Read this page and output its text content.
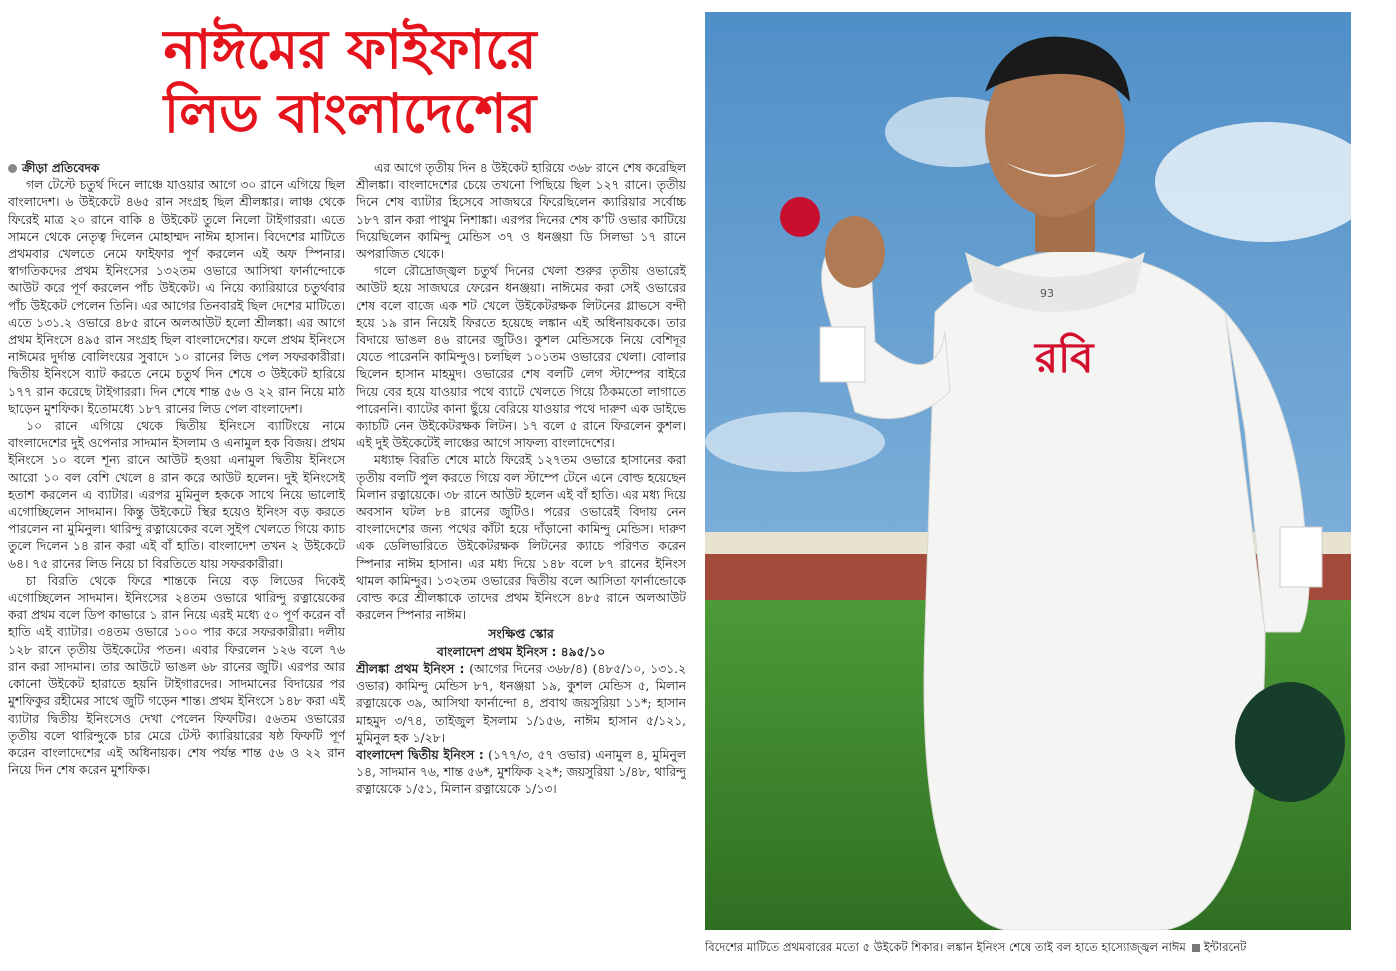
নাঈমের ফাইফারে
লিড বাংলাদেশের
ক্রীড়া প্রতিবেদক
গল টেস্টে চতুর্থ দিনে লাঞ্চে যাওয়ার আগে ৩০ রানে এগিয়ে ছিল বাংলাদেশ। ৬ উইকেটে ৪৬৫ রান সংগ্রহ ছিল শ্রীলঙ্কার। লাঞ্চ থেকে ফিরেই মাত্র ২০ রানে বাকি ৪ উইকেট তুলে নিলো টাইগাররা। এতে সামনে থেকে নেতৃত্ব দিলেন মোহাম্মদ নাঈম হাসান। বিদেশের মাটিতে প্রথমবার খেলতে নেমে ফাইফার পূর্ণ করলেন এই অফ স্পিনার। স্বাগতিকদের প্রথম ইনিংসের ১৩২তম ওভারে আসিথা ফার্নান্দোকে আউট করে পূর্ণ করলেন পাঁচ উইকেট। এ নিয়ে ক্যারিয়ারে চতুর্থবার পাঁচ উইকেট পেলেন তিনি। এর আগের তিনবারই ছিল দেশের মাটিতে। এতে ১৩১.২ ওভারে ৪৮৫ রানে অলআউট হলো শ্রীলঙ্কা। এর আগে প্রথম ইনিংসে ৪৯৫ রান সংগ্রহ ছিল বাংলাদেশের। ফলে প্রথম ইনিংসে নাঈমের দুর্দান্ত বোলিংয়ের সুবাদে ১০ রানের লিড পেল সফরকারীরা। দ্বিতীয় ইনিংসে ব্যাট করতে নেমে চতুর্থ দিন শেষে ৩ উইকেট হারিয়ে ১৭৭ রান করেছে টাইগাররা। দিন শেষে শান্ত ৫৬ ও ২২ রান নিয়ে মাঠ ছাড়েন মুশফিক। ইতোমধ্যে ১৮৭ রানের লিড পেল বাংলাদেশ।
১০ রানে এগিয়ে থেকে দ্বিতীয় ইনিংসে ব্যাটিংয়ে নামে বাংলাদেশের দুই ওপেনার সাদমান ইসলাম ও এনামুল হক বিজয়। প্রথম ইনিংসে ১০ বলে শূন্য রানে আউট হওয়া এনামুল দ্বিতীয় ইনিংসে আরো ১০ বল বেশি খেলে ৪ রান করে আউট হলেন। দুই ইনিংসেই হতাশ করলেন এ ব্যাটার। এরপর মুমিনুল হককে সাথে নিয়ে ভালোই এগোচ্ছিলেন সাদমান। কিন্তু উইকেটে স্থির হয়েও ইনিংস বড় করতে পারলেন না মুমিনুল। থারিন্দু রত্নায়েকের বলে সুইপ খেলতে গিয়ে ক্যাচ তুলে দিলেন ১৪ রান করা এই বাঁ হাতি। বাংলাদেশ তখন ২ উইকেটে ৬৪। ৭৫ রানের লিড নিয়ে চা বিরতিতে যায় সফরকারীরা।
চা বিরতি থেকে ফিরে শান্তকে নিয়ে বড় লিডের দিকেই এগোচ্ছিলেন সাদমান। ইনিংসের ২৪তম ওভারে থারিন্দু রত্নায়েকের করা প্রথম বলে ডিপ কাভারে ১ রান নিয়ে এরই মধ্যে ৫০ পূর্ণ করেন বাঁ হাতি এই ব্যাটার। ৩৪তম ওভারে ১০০ পার করে সফরকারীরা। দলীয় ১২৮ রানে তৃতীয় উইকেটের পতন। এবার ফিরলেন ১২৬ বলে ৭৬ রান করা সাদমান। তার আউটে ভাঙল ৬৮ রানের জুটি। এরপর আর কোনো উইকেট হারাতে হয়নি টাইগারদের। সাদমানের বিদায়ের পর মুশফিকুর রহীমের সাথে জুটি গড়েন শান্ত। প্রথম ইনিংসে ১৪৮ করা এই ব্যাটার দ্বিতীয় ইনিংসেও দেখা পেলেন ফিফটির। ৫৬তম ওভারের তৃতীয় বলে থারিন্দুকে চার মেরে টেস্ট ক্যারিয়ারের ষষ্ঠ ফিফটি পূর্ণ করেন বাংলাদেশের এই অধিনায়ক। শেষ পর্যন্ত শান্ত ৫৬ ও ২২ রান নিয়ে দিন শেষ করেন মুশফিক।
এর আগে তৃতীয় দিন ৪ উইকেট হারিয়ে ৩৬৮ রানে শেষ করেছিল শ্রীলঙ্কা। বাংলাদেশের চেয়ে তখনো পিছিয়ে ছিল ১২৭ রানে। তৃতীয় দিনে শেষ ব্যাটার হিসেবে সাজঘরে ফিরেছিলেন ক্যারিয়ার সর্বোচ্চ ১৮৭ রান করা পাথুম নিশাঙ্কা। এরপর দিনের শেষ ক'টি ওভার কাটিয়ে দিয়েছিলেন কামিন্দু মেন্ডিস ৩৭ ও ধনঞ্জয়া ডি সিলভা ১৭ রানে অপরাজিত থেকে।
গলে রৌদ্রোজ্জ্বল চতুর্থ দিনের খেলা শুরুর তৃতীয় ওভারেই আউট হয়ে সাজঘরে ফেরেন ধনঞ্জয়া। নাঈমের করা সেই ওভারের শেষ বলে বাজে এক শট খেলে উইকেটরক্ষক লিটনের গ্লাভসে বন্দী হয়ে ১৯ রান নিয়েই ফিরতে হয়েছে লঙ্কান এই অধিনায়ককে। তার বিদায়ে ভাঙল ৪৬ রানের জুটিও। কুশল মেন্ডিসকে নিয়ে বেশিদূর যেতে পারেননি কামিন্দুও। চলছিল ১০১তম ওভারের খেলা। বোলার ছিলেন হাসান মাহমুদ। ওভারের শেষ বলটি লেগ স্টাম্পের বাইরে দিয়ে বের হয়ে যাওয়ার পথে ব্যাটে খেলতে গিয়ে ঠিকমতো লাগাতে পারেননি। ব্যাটের কানা ছুঁয়ে বেরিয়ে যাওয়ার পথে দারুণ এক ডাইভে ক্যাচটি নেন উইকেটরক্ষক লিটন। ১৭ বলে ৫ রানে ফিরলেন কুশল। এই দুই উইকেটেই লাঞ্চের আগে সাফল্য বাংলাদেশের।
মধ্যাহ্ন বিরতি শেষে মাঠে ফিরেই ১২৭তম ওভারে হাসানের করা তৃতীয় বলটি পুল করতে গিয়ে বল স্টাম্পে টেনে এনে বোল্ড হয়েছেন মিলান রত্নায়েকে। ৩৮ রানে আউট হলেন এই বাঁ হাতি। এর মধ্য দিয়ে অবসান ঘটল ৮৪ রানের জুটিও। পরের ওভারেই বিদায় নেন বাংলাদেশের জন্য পথের কাঁটা হয়ে দাঁড়ানো কামিন্দু মেন্ডিস। দারুণ এক ডেলিভারিতে উইকেটরক্ষক লিটনের ক্যাচে পরিণত করেন স্পিনার নাঈম হাসান। এর মধ্য দিয়ে ১৪৮ বলে ৮৭ রানের ইনিংস থামল কামিন্দুর। ১৩২তম ওভারের দ্বিতীয় বলে আসিতা ফার্নান্ডোকে বোল্ড করে শ্রীলঙ্কাকে তাদের প্রথম ইনিংসে ৪৮৫ রানে অলআউট করলেন স্পিনার নাঈম।
সংক্ষিপ্ত স্কোর
বাংলাদেশ প্রথম ইনিংস : ৪৯৫/১০
শ্রীলঙ্কা প্রথম ইনিংস : (আগের দিনের ৩৬৮/৪) (৪৮৫/১০, ১৩১.২ ওভার) কামিন্দু মেন্ডিস ৮৭, ধনঞ্জয়া ১৯, কুশল মেন্ডিস ৫, মিলান রত্নায়েকে ৩৯, আসিথা ফার্নান্দো ৪, প্রবাথ জয়সুরিয়া ১১*; হাসান মাহমুদ ৩/৭৪, তাইজুল ইসলাম ১/১৫৬, নাঈম হাসান ৫/১২১, মুমিনুল হক ১/২৮।
বাংলাদেশ দ্বিতীয় ইনিংস : (১৭৭/৩, ৫৭ ওভার) এনামুল ৪, মুমিনুল ১৪, সাদমান ৭৬, শান্ত ৫৬*, মুশফিক ২২*; জয়সুরিয়া ১/৪৮, থারিন্দু রত্নায়েকে ১/৫১, মিলান রত্নায়েকে ১/১৩।
রবি
93
বিদেশের মাটিতে প্রথমবারের মতো ৫ উইকেট শিকার। লঙ্কান ইনিংস শেষে তাই বল হাতে হাস্যোজ্জ্বল নাঈম ইন্টারনেট
